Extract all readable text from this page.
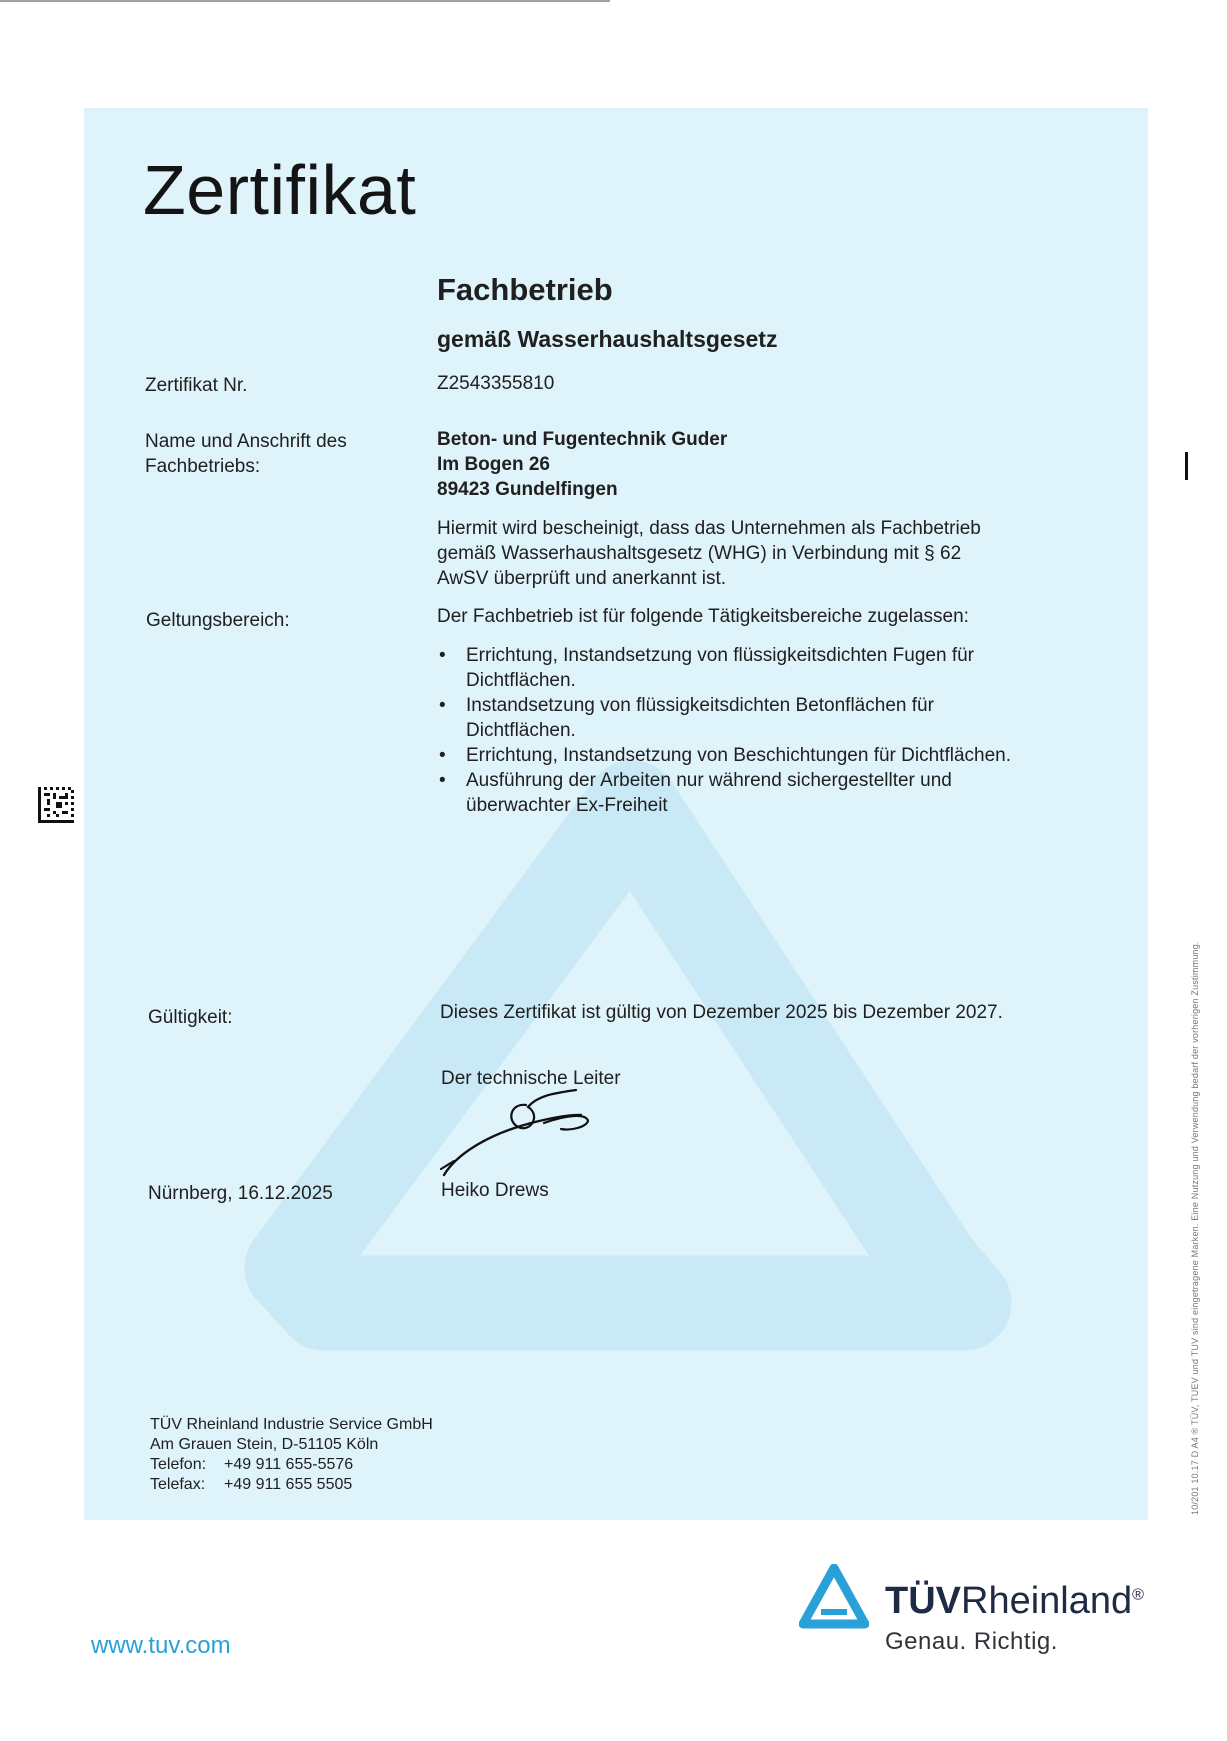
Zertifikat
Fachbetrieb
gemäß Wasserhaushaltsgesetz
Zertifikat Nr.	Z2543355810
Name und Anschrift des
Fachbetriebs:
Beton- und Fugentechnik Guder
Im Bogen 26
89423 Gundelfingen
Hiermit wird bescheinigt, dass das Unternehmen als Fachbetrieb
gemäß Wasserhaushaltsgesetz (WHG) in Verbindung mit § 62
AwSV überprüft und anerkannt ist.
Geltungsbereich:	Der Fachbetrieb ist für folgende Tätigkeitsbereiche zugelassen:
• Errichtung, Instandsetzung von flüssigkeitsdichten Fugen für
Dichtflächen.
• Instandsetzung von flüssigkeitsdichten Betonflächen für
Dichtflächen.
• Errichtung, Instandsetzung von Beschichtungen für Dichtflächen.
• Ausführung der Arbeiten nur während sichergestellter und
überwachter Ex-Freiheit
Gültigkeit:	Dieses Zertifikat ist gültig von Dezember 2025 bis Dezember 2027.
Der technische Leiter
Heiko Drews
Nürnberg, 16.12.2025
TÜV Rheinland Industrie Service GmbH
Am Grauen Stein, D-51105 Köln
Telefon: +49 911 655-5576
Telefax: +49 911 655 5505	10/201 10.17 D A4 ® TÜV, TUEV und TUV sind eingetragene Marken. Eine Nutzung und Verwendung bedarf der vorherigen Zustimmung.
www.tuv.com
TÜVRheinland®
Genau. Richtig.
